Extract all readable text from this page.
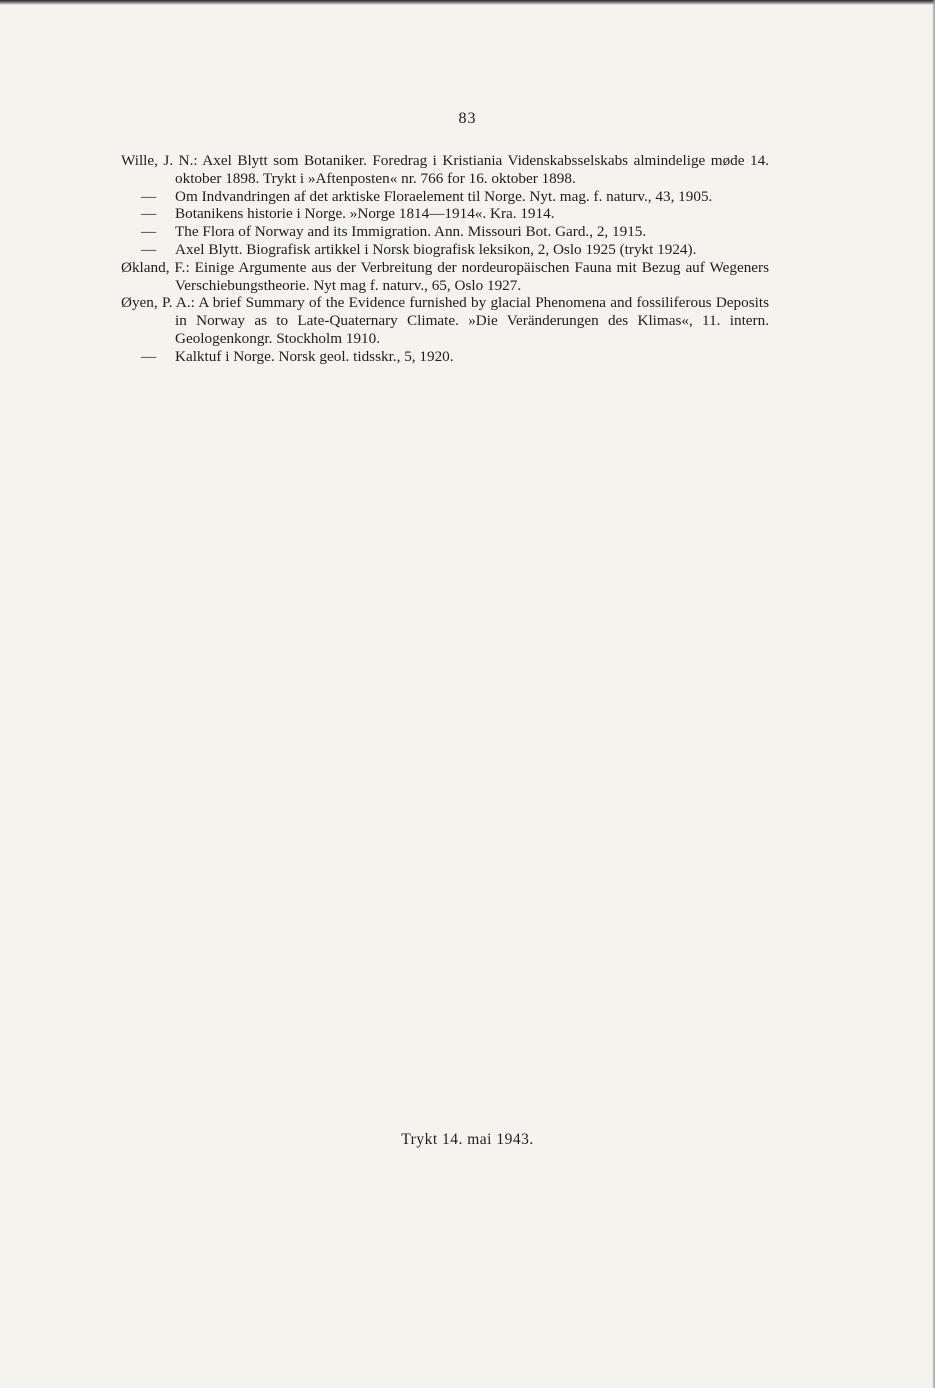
83

Wille, J. N.: Axel Blytt som Botaniker. Foredrag i Kristiania Videnskabsselskabs almindelige møde 14. oktober 1898. Trykt i »Aftenposten« nr. 766 for 16. oktober 1898.

— Om Indvandringen af det arktiske Floraelement til Norge. Nyt. mag. f. naturv., 43, 1905.

— Botanikens historie i Norge. »Norge 1814—1914«. Kra. 1914.

— The Flora of Norway and its Immigration. Ann. Missouri Bot. Gard., 2, 1915.

— Axel Blytt. Biografisk artikkel i Norsk biografisk leksikon, 2, Oslo 1925 (trykt 1924).

Økland, F.: Einige Argumente aus der Verbreitung der nordeuropäischen Fauna mit Bezug auf Wegeners Verschiebungstheorie. Nyt mag f. naturv., 65, Oslo 1927.

Øyen, P. A.: A brief Summary of the Evidence furnished by glacial Phenomena and fossiliferous Deposits in Norway as to Late-Quaternary Climate. »Die Veränderungen des Klimas«, 11. intern. Geologenkongr. Stockholm 1910.

— Kalktuf i Norge. Norsk geol. tidsskr., 5, 1920.

Trykt 14. mai 1943.
